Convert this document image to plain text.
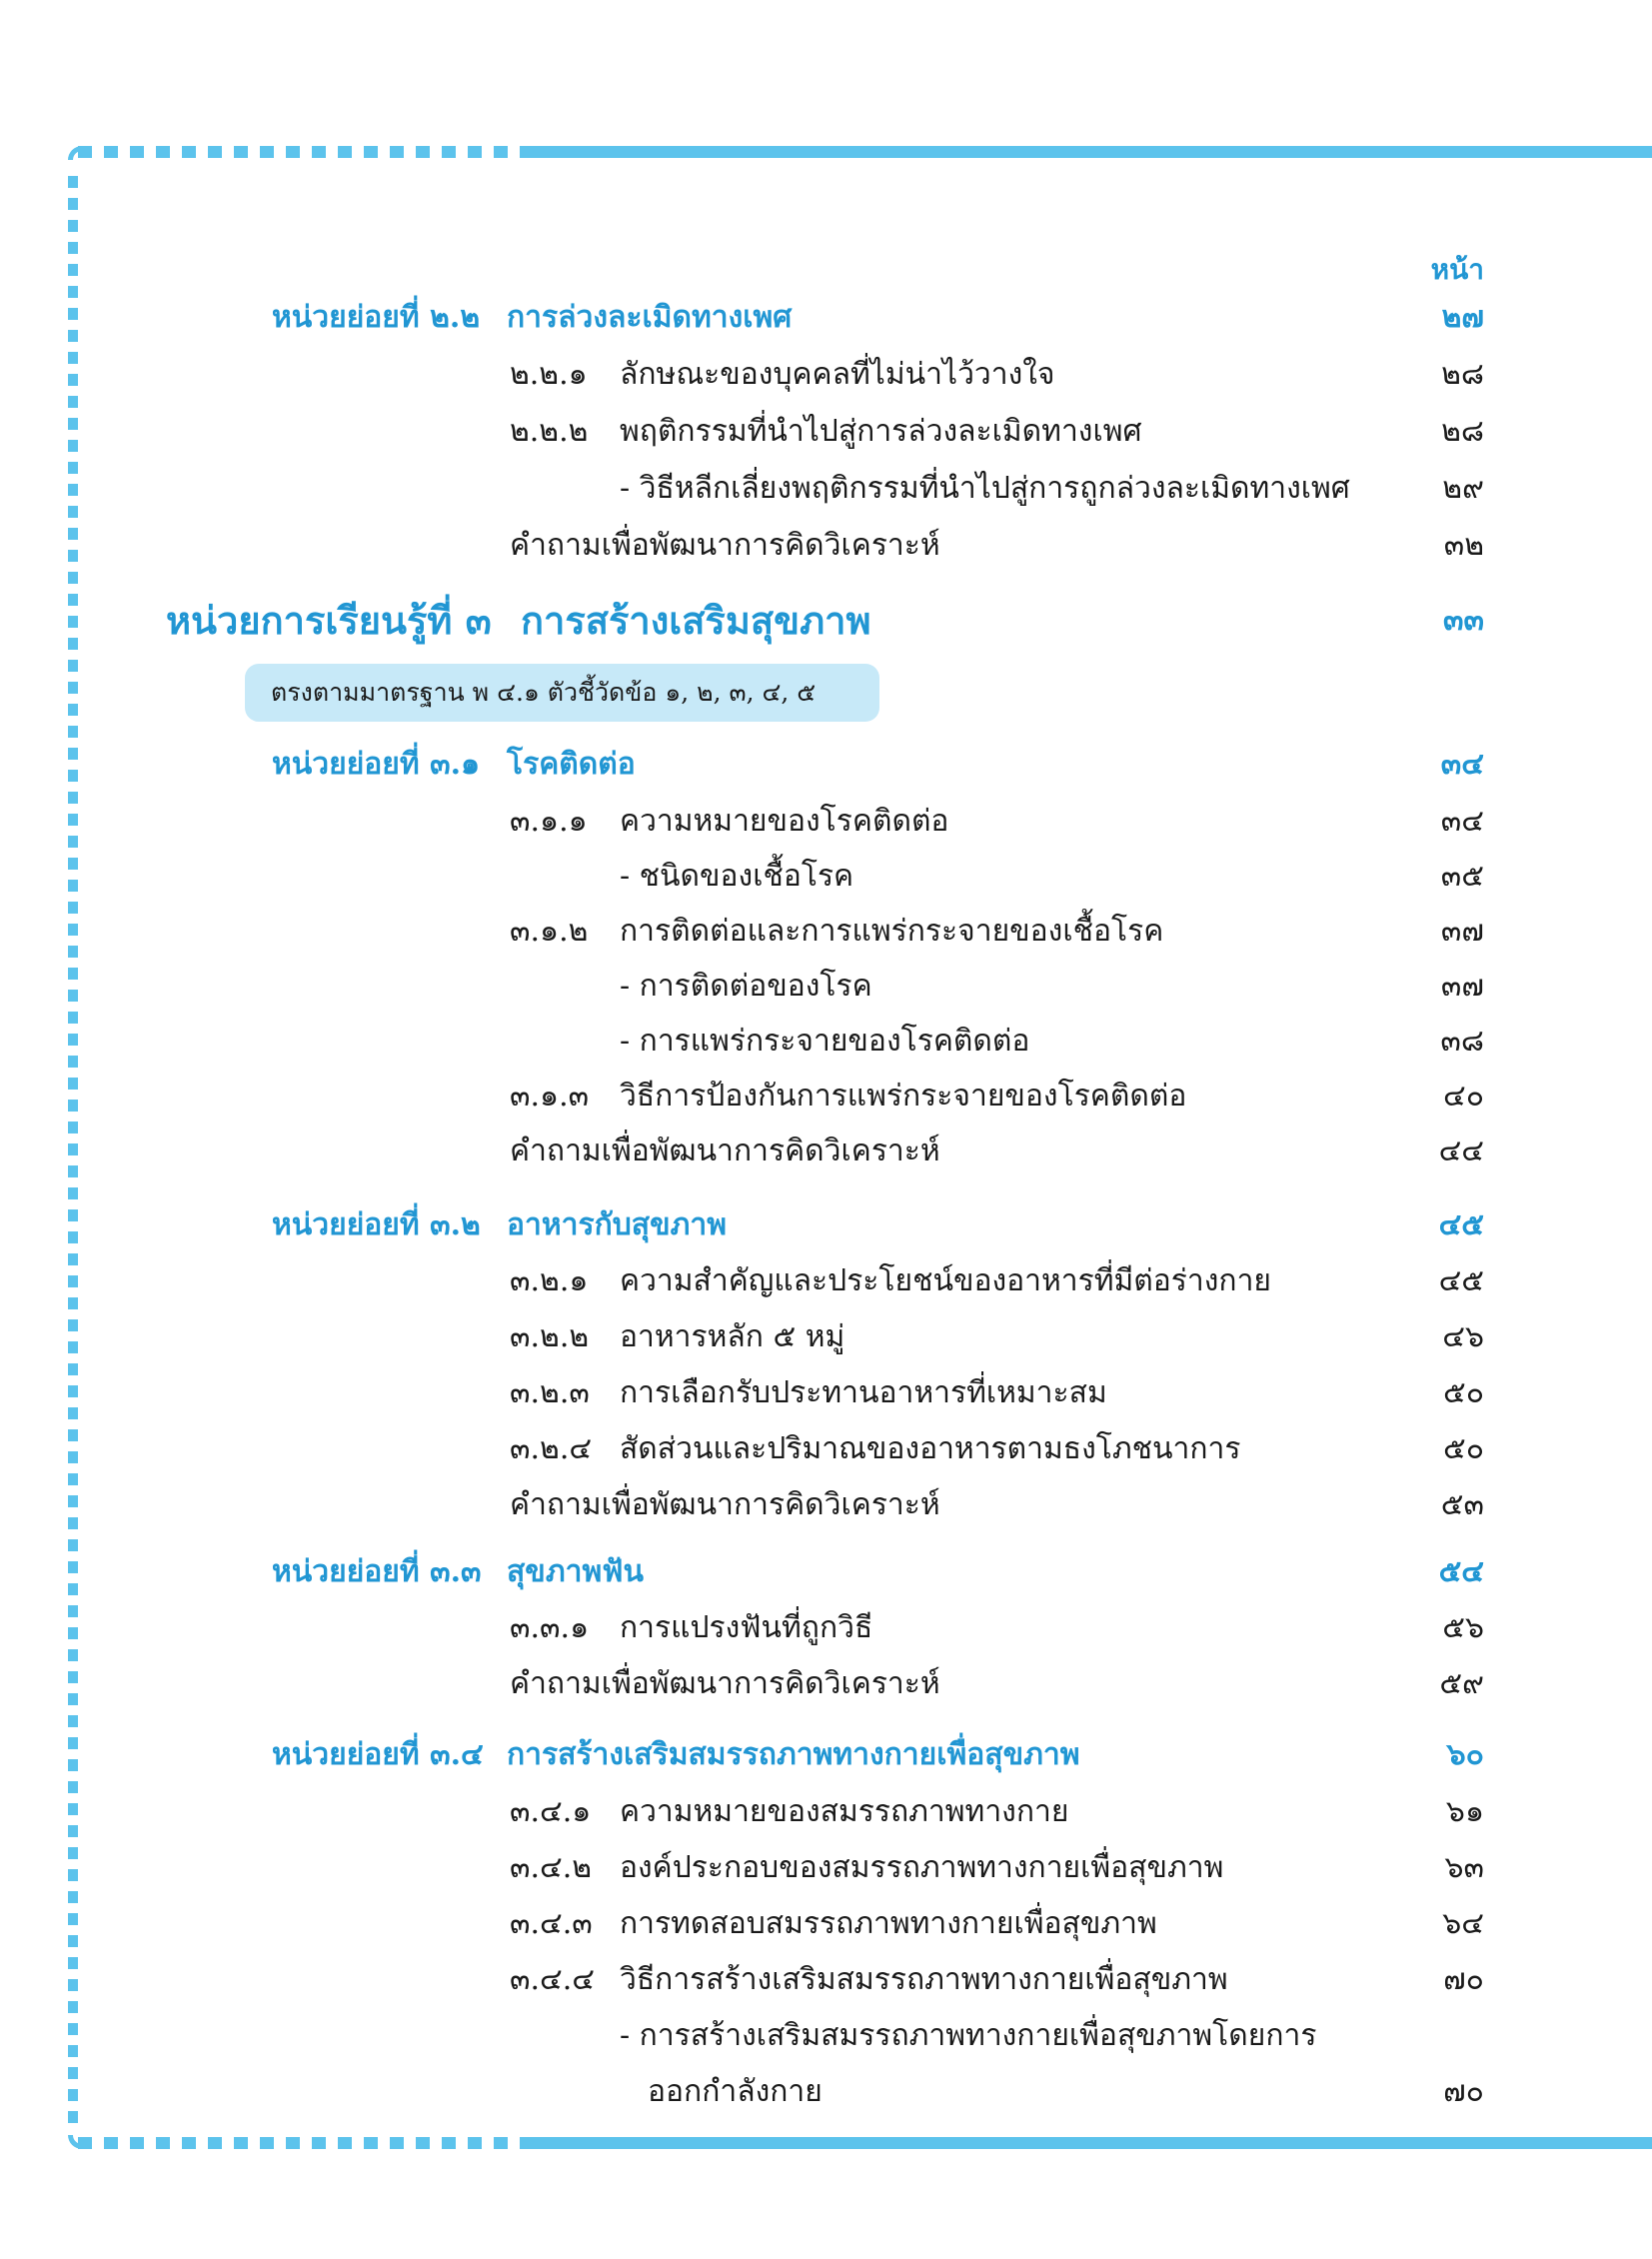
หน้า
หน่วยย่อยที่ ๒.๒ การล่วงละเมิดทางเพศ	๒๗
๒.๒.๑ ลักษณะของบุคคลที่ไม่น่าไว้วางใจ	๒๘
๒.๒.๒ พฤติกรรมที่นำไปสู่การล่วงละเมิดทางเพศ	๒๘
- วิธีหลีกเลี่ยงพฤติกรรมที่นำไปสู่การถูกล่วงละเมิดทางเพศ	๒๙
คำถามเพื่อพัฒนาการคิดวิเคราะห์	๓๒
หน่วยการเรียนรู้ที่ ๓ การสร้างเสริมสุขภาพ	๓๓
ตรงตามมาตรฐาน พ ๔.๑ ตัวชี้วัดข้อ ๑, ๒, ๓, ๔, ๕
หน่วยย่อยที่ ๓.๑ โรคติดต่อ	๓๔
๓.๑.๑ ความหมายของโรคติดต่อ	๓๔
- ชนิดของเชื้อโรค	๓๕
๓.๑.๒ การติดต่อและการแพร่กระจายของเชื้อโรค	๓๗
- การติดต่อของโรค	๓๗
- การแพร่กระจายของโรคติดต่อ	๓๘
๓.๑.๓ วิธีการป้องกันการแพร่กระจายของโรคติดต่อ	๔๐
คำถามเพื่อพัฒนาการคิดวิเคราะห์	๔๔
หน่วยย่อยที่ ๓.๒ อาหารกับสุขภาพ	๔๕
๓.๒.๑ ความสำคัญและประโยชน์ของอาหารที่มีต่อร่างกาย	๔๕
๓.๒.๒ อาหารหลัก ๕ หมู่	๔๖
๓.๒.๓ การเลือกรับประทานอาหารที่เหมาะสม	๕๐
๓.๒.๔ สัดส่วนและปริมาณของอาหารตามธงโภชนาการ	๕๐
คำถามเพื่อพัฒนาการคิดวิเคราะห์	๕๓
หน่วยย่อยที่ ๓.๓ สุขภาพฟัน	๕๔
๓.๓.๑ การแปรงฟันที่ถูกวิธี	๕๖
คำถามเพื่อพัฒนาการคิดวิเคราะห์	๕๙
หน่วยย่อยที่ ๓.๔ การสร้างเสริมสมรรถภาพทางกายเพื่อสุขภาพ	๖๐
๓.๔.๑ ความหมายของสมรรถภาพทางกาย	๖๑
๓.๔.๒ องค์ประกอบของสมรรถภาพทางกายเพื่อสุขภาพ	๖๓
๓.๔.๓ การทดสอบสมรรถภาพทางกายเพื่อสุขภาพ	๖๔
๓.๔.๔ วิธีการสร้างเสริมสมรรถภาพทางกายเพื่อสุขภาพ	๗๐
- การสร้างเสริมสมรรถภาพทางกายเพื่อสุขภาพโดยการ
ออกกำลังกาย	๗๐
